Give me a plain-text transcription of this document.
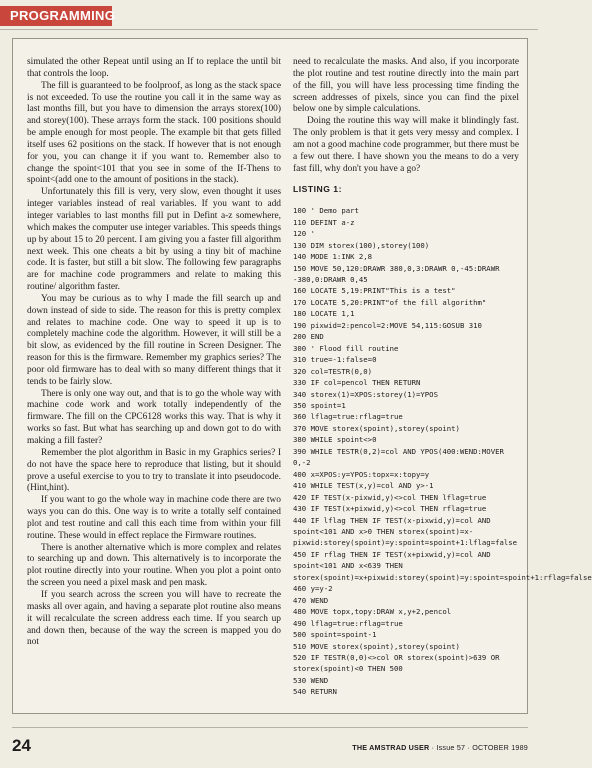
PROGRAMMING

simulated the other Repeat until using an If to replace the until bit that controls the loop.

The fill is guaranteed to be foolproof, as long as the stack space is not exceeded. To use the routine you call it in the same way as last months fill, but you have to dimension the arrays storex(100) and storey(100). These arrays form the stack. 100 positions should be ample enough for most people. The example bit that gets filled itself uses 62 positions on the stack. If however that is not enough for you, you can change it if you want to. Remember also to change the spoint<101 that you see in some of the If-Thens to spoint<(add one to the amount of positions in the stack).

Unfortunately this fill is very, very slow, even thought it uses integer variables instead of real variables. If you want to add integer variables to last months fill put in Defint a-z somewhere, which makes the computer use integer variables. This speeds things up by about 15 to 20 percent. I am giving you a faster fill algorithm next week. This one cheats a bit by using a tiny bit of machine code. It is faster, but still a bit slow. The following few paragraphs are for machine code programmers and relate to making this routine/ algorithm faster.

You may be curious as to why I made the fill search up and down instead of side to side. The reason for this is pretty complex and relates to machine code. One way to speed it up is to completely machine code the algorithm. However, it will still be a bit slow, as evidenced by the fill routine in Screen Designer. The reason for this is the firmware. Remember my graphics series? The poor old firmware has to deal with so many different things that it tends to be fairly slow.

There is only one way out, and that is to go the whole way with machine code work and work totally independently of the firmware. The fill on the CPC6128 works this way. That is why it works so fast. But what has searching up and down got to do with making a fill faster?

Remember the plot algorithm in Basic in my Graphics series? I do not have the space here to reproduce that listing, but it should prove a useful exercise to you to try to translate it into pseudocode. (Hint,hint).

If you want to go the whole way in machine code there are two ways you can do this. One way is to write a totally self contained plot and test routine and call this each time from within your fill routine. These would in effect replace the Firmware routines.

There is another alternative which is more complex and relates to searching up and down. This alternatively is to incorporate the plot routine directly into your routine. When you plot a point onto the screen you need a pixel mask and pen mask.

If you search across the screen you will have to recreate the masks all over again, and having a separate plot routine also means it will recalculate the screen address each time. If you search up and down then, because of the way the screen is mapped you do not

need to recalculate the masks. And also, if you incorporate the plot routine and test routine directly into the main part of the fill, you will have less processing time finding the screen addresses of pixels, since you can find the pixel below one by simple calculations.

Doing the routine this way will make it blindingly fast. The only problem is that it gets very messy and complex. I am not a good machine code programmer, but there must be a few out there. I have shown you the means to do a very fast fill, why don't you have a go?

LISTING 1:
100 ' Demo part
110 DEFINT a-z
120 '
130 DIM storex(100),storey(100)
140 MODE 1:INK 2,8
150 MOVE 50,120:DRAWR 380,0,3:DRAWR 0,-45:DRAWR -380,0:DRAWR 0,45
160 LOCATE 5,19:PRINT"This is a test"
170 LOCATE 5,20:PRINT"of the fill algorithm"
180 LOCATE 1,1
190 pixwid=2:pencol=2:MOVE 54,115:GOSUB 310
200 END
300 ' Flood fill routine
310 true=-1:false=0
320 col=TESTR(0,0)
330 IF col=pencol THEN RETURN
340 storex(1)=XPOS:storey(1)=YPOS
350 spoint=1
360 lflag=true:rflag=true
370 MOVE storex(spoint),storey(spoint)
380 WHILE spoint<>0
390 WHILE TESTR(0,2)=col AND YPOS(400:WEND:MOVER 0,-2
400 x=XPOS:y=YPOS:topx=x:topy=y
410 WHILE TEST(x,y)=col AND y>-1
420 IF TEST(x-pixwid,y)<>col THEN lflag=true
430 IF TEST(x+pixwid,y)<>col THEN rflag=true
440 IF lflag THEN IF TEST(x-pixwid,y)=col AND spoint<101 AND x>0 THEN storex(spoint)=x-pixwid:storey(spoint)=y:spoint=spoint+1:lflag=false
450 IF rflag THEN IF TEST(x+pixwid,y)=col AND spoint<101 AND x<639 THEN storex(spoint)=x+pixwid:storey(spoint)=y:spoint=spoint+1:rflag=false
460 y=y-2
470 WEND
480 MOVE topx,topy:DRAW x,y+2,pencol
490 lflag=true:rflag=true
500 spoint=spoint-1
510 MOVE storex(spoint),storey(spoint)
520 IF TESTR(0,0)<>col OR storex(spoint)>639 OR storex(spoint)<0 THEN 500
530 WEND
540 RETURN
24	THE AMSTRAD USER · Issue 57 · OCTOBER 1989
